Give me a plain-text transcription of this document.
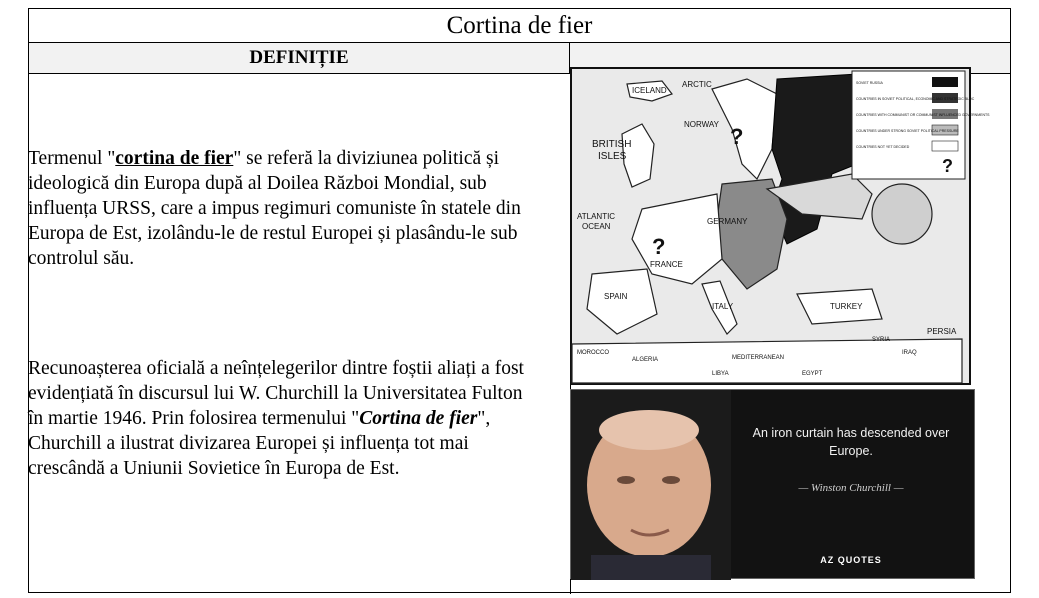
Cortina de fier
DEFINIȚIE
Termenul "cortina de fier" se referă la diviziunea politică și ideologică din Europa după al Doilea Război Mondial, sub influența URSS, care a impus regimuri comuniste în statele din Europa de Est, izolându-le de restul Europei și plasându-le sub controlul său.
Recunoașterea oficială a neînțelegerilor dintre foștii aliați a fost evidențiată în discursul lui W. Churchill la Universitatea Fulton în martie 1946. Prin folosirea termenului "Cortina de fier", Churchill a ilustrat divizarea Europei și influența tot mai crescândă a Uniunii Sovietice în Europa de Est.
SOVIET RUSSIA
COUNTRIES IN SOVIET POLITICAL, ECONOMIC AND STRATEGIC BLOC
COUNTRIES WITH COMMUNIST OR COMMUNIST INFLUENCED GOVERNMENTS
COUNTRIES UNDER STRONG SOVIET POLITICAL PRESSURE
COUNTRIES NOT YET DECIDED
?
?
?
ICELAND
ARCTIC
NORWAY
BRITISH
ISLES
ATLANTIC
OCEAN
GERMANY
FRANCE
SPAIN
ITALY	TURKEY
PERSIA
MOROCCO
ALGERIA
SYRIA
IRAQ
MEDITERRANEAN
LIBYA	EGYPT
An iron curtain has descended over Europe.
— Winston Churchill —
AZ QUOTES
